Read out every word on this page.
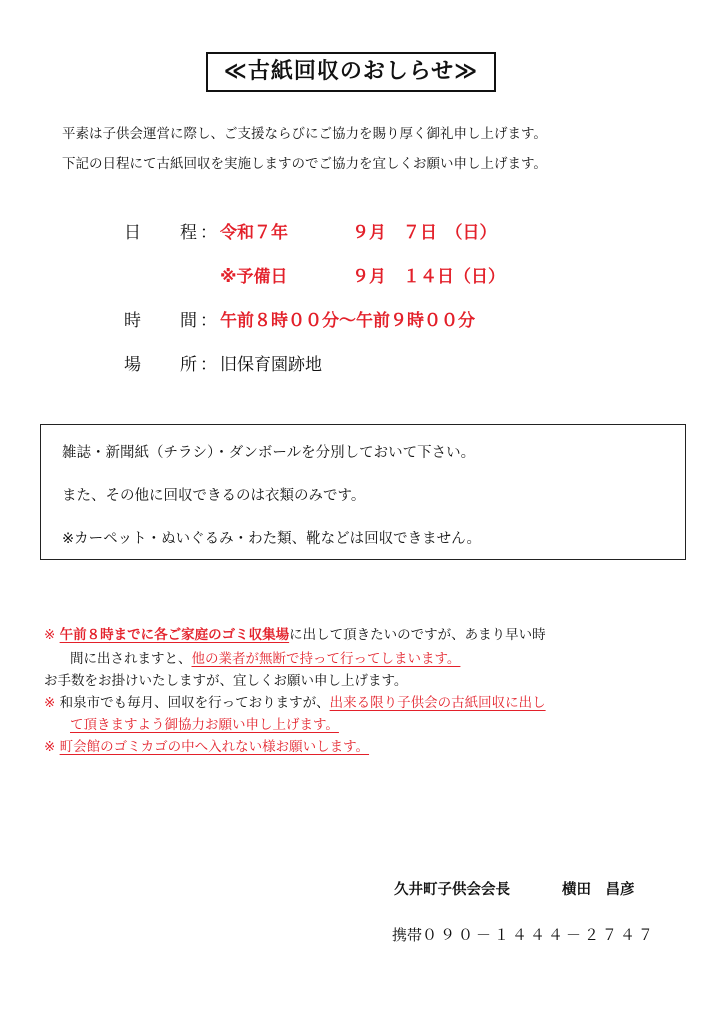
≪古紙回収のおしらせ≫
平素は子供会運営に際し、ご支援ならびにご協力を賜り厚く御礼申し上げます。
下記の日程にて古紙回収を実施しますのでご協力を宜しくお願い申し上げます。
日 程 ： 令和７年	９月　７日　（日）
※予備日	９月　１４日（日）
時 間 ： 午前８時００分～午前９時００分
場 所 ： 旧保育園跡地
雑誌・新聞紙（チラシ）・ダンボールを分別しておいて下さい。
また、その他に回収できるのは衣類のみです。
※カーペット・ぬいぐるみ・わた類、靴などは回収できません。
※ 午前８時までに各ご家庭のゴミ収集場に出して頂きたいのですが、あまり早い時
間に出されますと、他の業者が無断で持って行ってしまいます。
お手数をお掛けいたしますが、宜しくお願い申し上げます。
※ 和泉市でも毎月、回収を行っておりますが、出来る限り子供会の古紙回収に出し
て頂きますよう御協力お願い申し上げます。
※ 町会館のゴミカゴの中へ入れない様お願いします。
久井町子供会会長	横田　昌彦
携帯０９０－１４４４－２７４７
